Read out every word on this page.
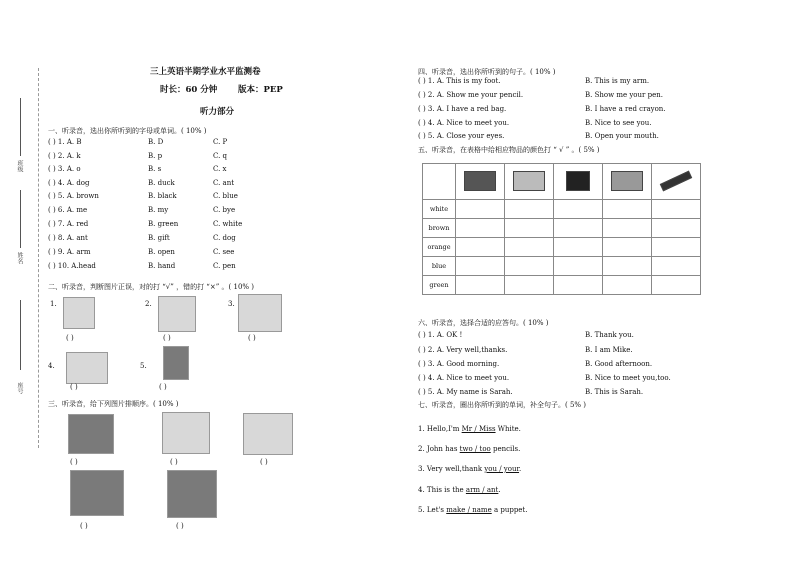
班级
姓名
座号
三上英语半期学业水平监测卷
时长：60 分钟 版本：PEP
听力部分
一、听录音，选出你所听到的字母或单词。( 10% )
( ) 1. A. B	B. D	C. P
( ) 2. A. k	B. p	C. q
( ) 3. A. o	B. s	C. x
( ) 4. A. dog	B. duck	C. ant
( ) 5. A. brown	B. black	C. blue
( ) 6. A. me	B. my	C. bye
( ) 7. A. red	B. green	C. white
( ) 8. A. ant	B. gift	C. dog
( ) 9. A. arm	B. open	C. see
( ) 10. A.head	B. hand	C. pen
二、听录音，判断图片正误，对的打 “√” ，错的打 “×” 。( 10% )
1.
( )
2.
( )
3.
( )
4.
( )
5.
( )
三、听录音，给下列图片排顺序。( 10% )
( )	( )	( )
( )	( )
四、听录音，选出你所听到的句子。( 10% )
( ) 1. A. This is my foot.	B. This is my arm.
( ) 2. A. Show me your pencil.	B. Show me your pen.
( ) 3. A. I have a red bag.	B. I have a red crayon.
( ) 4. A. Nice to meet you.	B. Nice to see you.
( ) 5. A. Close your eyes.	B. Open your mouth.
五、听录音，在表格中给相应物品的颜色打 “ √ ” 。( 5% )

white					
brown					
orange					
blue					
green					
六、听录音，选择合适的应答句。( 10% )
( ) 1. A. OK !	B. Thank you.
( ) 2. A. Very well,thanks.	B. I am Mike.
( ) 3. A. Good morning.	B. Good afternoon.
( ) 4. A. Nice to meet you.	B. Nice to meet you,too.
( ) 5. A. My name is Sarah.	B. This is Sarah.
七、听录音，圈出你所听到的单词，补全句子。( 5% )
1. Hello,I'm Mr / Miss White.
2. John has two / too pencils.
3. Very well,thank you / your.
4. This is the arm / ant.
5. Let's make / name a puppet.
